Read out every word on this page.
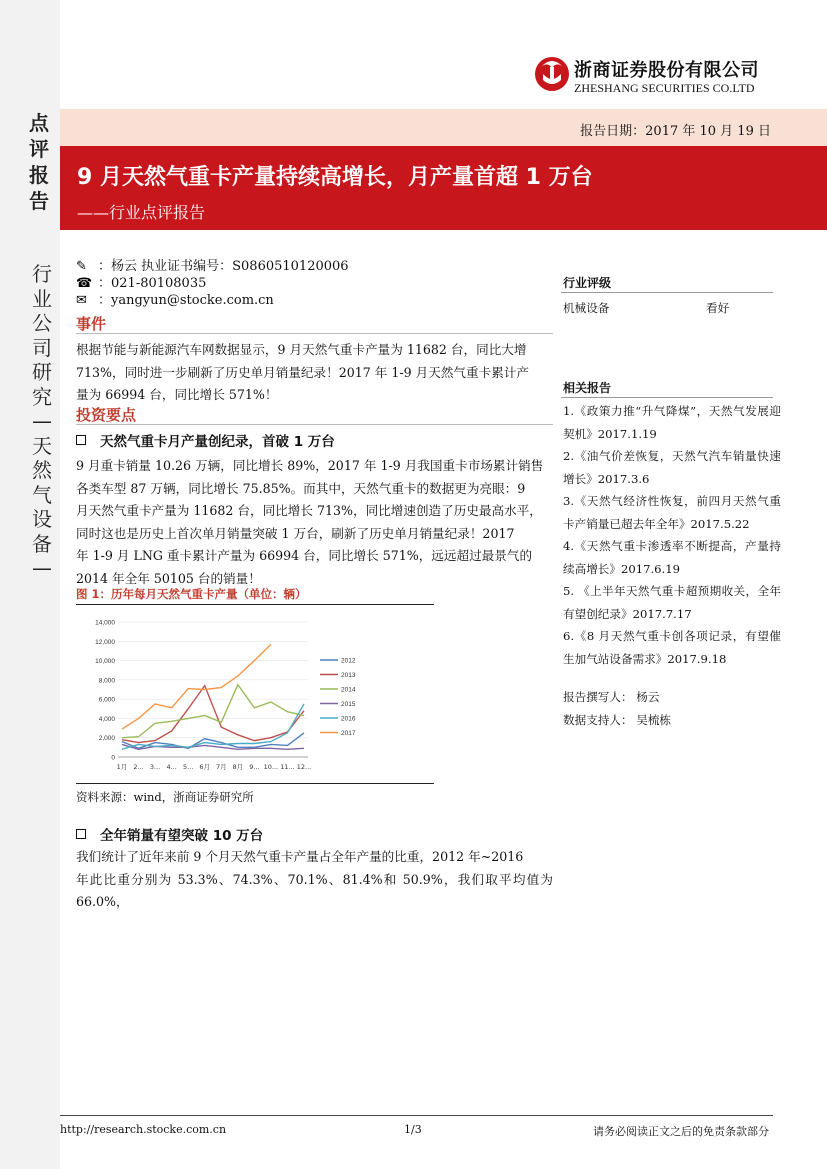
浙商证券股份有限公司
ZHESHANG SECURITIES CO.LTD
报告日期：2017 年 10 月 19 日
9 月天然气重卡产量持续高增长，月产量首超 1 万台
——行业点评报告
点
评
报
告
行
业
公
司
研
究
—
天
然
气
设
备
—
✎ ：杨云 执业证书编号：S0860510120006
☎ ：021-80108035
✉ ：yangyun@stocke.com.cn
事件
根据节能与新能源汽车网数据显示，9 月天然气重卡产量为 11682 台，同比大增
713%，同时进一步刷新了历史单月销量纪录！2017 年 1-9 月天然气重卡累计产
量为 66994 台，同比增长 571%！
投资要点
天然气重卡月产量创纪录，首破 1 万台
9 月重卡销量 10.26 万辆，同比增长 89%，2017 年 1-9 月我国重卡市场累计销售
各类车型 87 万辆，同比增长 75.85%。而其中，天然气重卡的数据更为亮眼：9
月天然气重卡产量为 11682 台，同比增长 713%，同比增速创造了历史最高水平，
同时这也是历史上首次单月销量突破 1 万台，刷新了历史单月销量纪录！2017
年 1-9 月 LNG 重卡累计产量为 66994 台，同比增长 571%，远远超过最景气的
2014 年全年 50105 台的销量！
图 1：历年每月天然气重卡产量（单位：辆）
0
2,000
4,000
6,000
8,000
10,000
12,000
14,000
1月 2... 3... 4... 5... 6月 7月 8月 9... 10... 11... 12...
2012
2013
2014
2015
2016
2017
资料来源：wind，浙商证券研究所
全年销量有望突破 10 万台
我们统计了近年来前 9 个月天然气重卡产量占全年产量的比重，2012 年~2016
年此比重分别为 53.3%、74.3%、70.1%、81.4%和 50.9%，我们取平均值为 66.0%，
行业评级
机械设备	看好
相关报告
1.《政策力推“升气降煤”，天然气发展迎契机》2017.1.19
2.《油气价差恢复，天然气汽车销量快速增长》2017.3.6
3.《天然气经济性恢复，前四月天然气重卡产销量已超去年全年》2017.5.22
4.《天然气重卡渗透率不断提高，产量持续高增长》2017.6.19
5. 《上半年天然气重卡超预期收关，全年有望创纪录》2017.7.17
6.《8 月天然气重卡创各项记录，有望催生加气站设备需求》2017.9.18
报告撰写人： 杨云
数据支持人： 吴梳栋
http://research.stocke.com.cn	1/3	请务必阅读正文之后的免责条款部分
